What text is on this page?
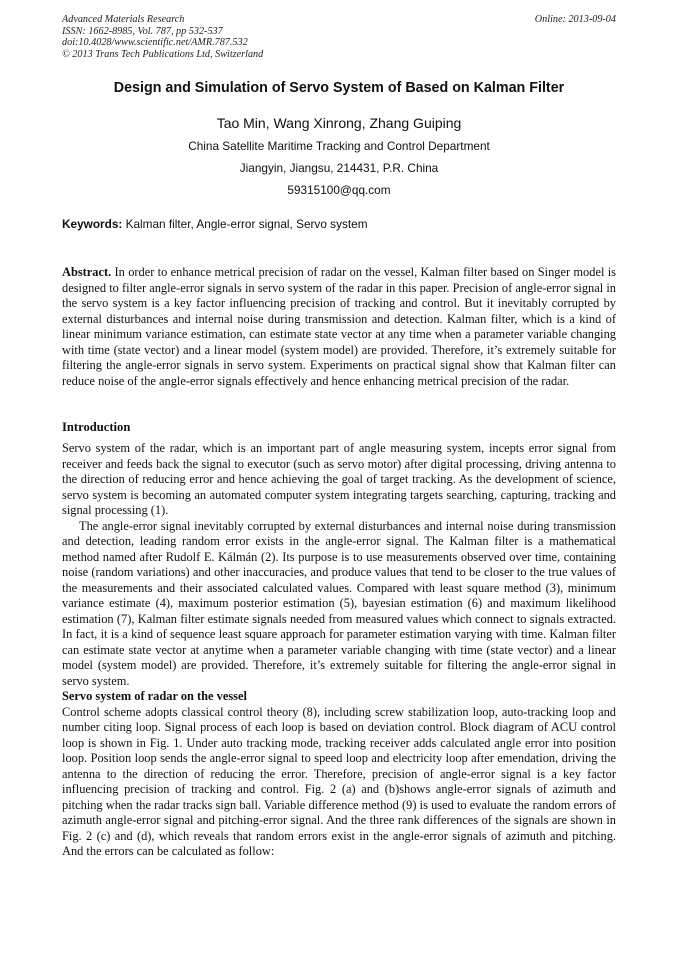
Advanced Materials Research
ISSN: 1662-8985, Vol. 787, pp 532-537
doi:10.4028/www.scientific.net/AMR.787.532
© 2013 Trans Tech Publications Ltd, Switzerland
Online: 2013-09-04
Design and Simulation of Servo System of Based on Kalman Filter
Tao Min, Wang Xinrong, Zhang Guiping
China Satellite Maritime Tracking and Control Department
Jiangyin, Jiangsu, 214431, P.R. China
59315100@qq.com
Keywords: Kalman filter, Angle-error signal, Servo system

Abstract. In order to enhance metrical precision of radar on the vessel, Kalman filter based on Singer model is designed to filter angle-error signals in servo system of the radar in this paper. Precision of angle-error signal in the servo system is a key factor influencing precision of tracking and control. But it inevitably corrupted by external disturbances and internal noise during transmission and detection. Kalman filter, which is a kind of linear minimum variance estimation, can estimate state vector at any time when a parameter variable changing with time (state vector) and a linear model (system model) are provided. Therefore, it’s extremely suitable for filtering the angle-error signals in servo system. Experiments on practical signal show that Kalman filter can reduce noise of the angle-error signals effectively and hence enhancing metrical precision of the radar.

Introduction

Servo system of the radar, which is an important part of angle measuring system, incepts error signal from receiver and feeds back the signal to executor (such as servo motor) after digital processing, driving antenna to the direction of reducing error and hence achieving the goal of target tracking. As the development of science, servo system is becoming an automated computer system integrating targets searching, capturing, tracking and signal processing (1).

The angle-error signal inevitably corrupted by external disturbances and internal noise during transmission and detection, leading random error exists in the angle-error signal. The Kalman filter is a mathematical method named after Rudolf E. Kálmán (2). Its purpose is to use measurements observed over time, containing noise (random variations) and other inaccuracies, and produce values that tend to be closer to the true values of the measurements and their associated calculated values. Compared with least square method (3), minimum variance estimate (4), maximum posterior estimation (5), bayesian estimation (6) and maximum likelihood estimation (7), Kalman filter estimate signals needed from measured values which connect to signals extracted. In fact, it is a kind of sequence least square approach for parameter estimation varying with time. Kalman filter can estimate state vector at anytime when a parameter variable changing with time (state vector) and a linear model (system model) are provided. Therefore, it’s extremely suitable for filtering the angle-error signal in servo system.

Servo system of radar on the vessel

Control scheme adopts classical control theory (8), including screw stabilization loop, auto-tracking loop and number citing loop. Signal process of each loop is based on deviation control. Block diagram of ACU control loop is shown in Fig. 1. Under auto tracking mode, tracking receiver adds calculated angle error into position loop. Position loop sends the angle-error signal to speed loop and electricity loop after emendation, driving the antenna to the direction of reducing the error. Therefore, precision of angle-error signal is a key factor influencing precision of tracking and control. Fig. 2 (a) and (b)shows angle-error signals of azimuth and pitching when the radar tracks sign ball. Variable difference method (9) is used to evaluate the random errors of azimuth angle-error signal and pitching-error signal. And the three rank differences of the signals are shown in Fig. 2 (c) and (d), which reveals that random errors exist in the angle-error signals of azimuth and pitching. And the errors can be calculated as follow:
